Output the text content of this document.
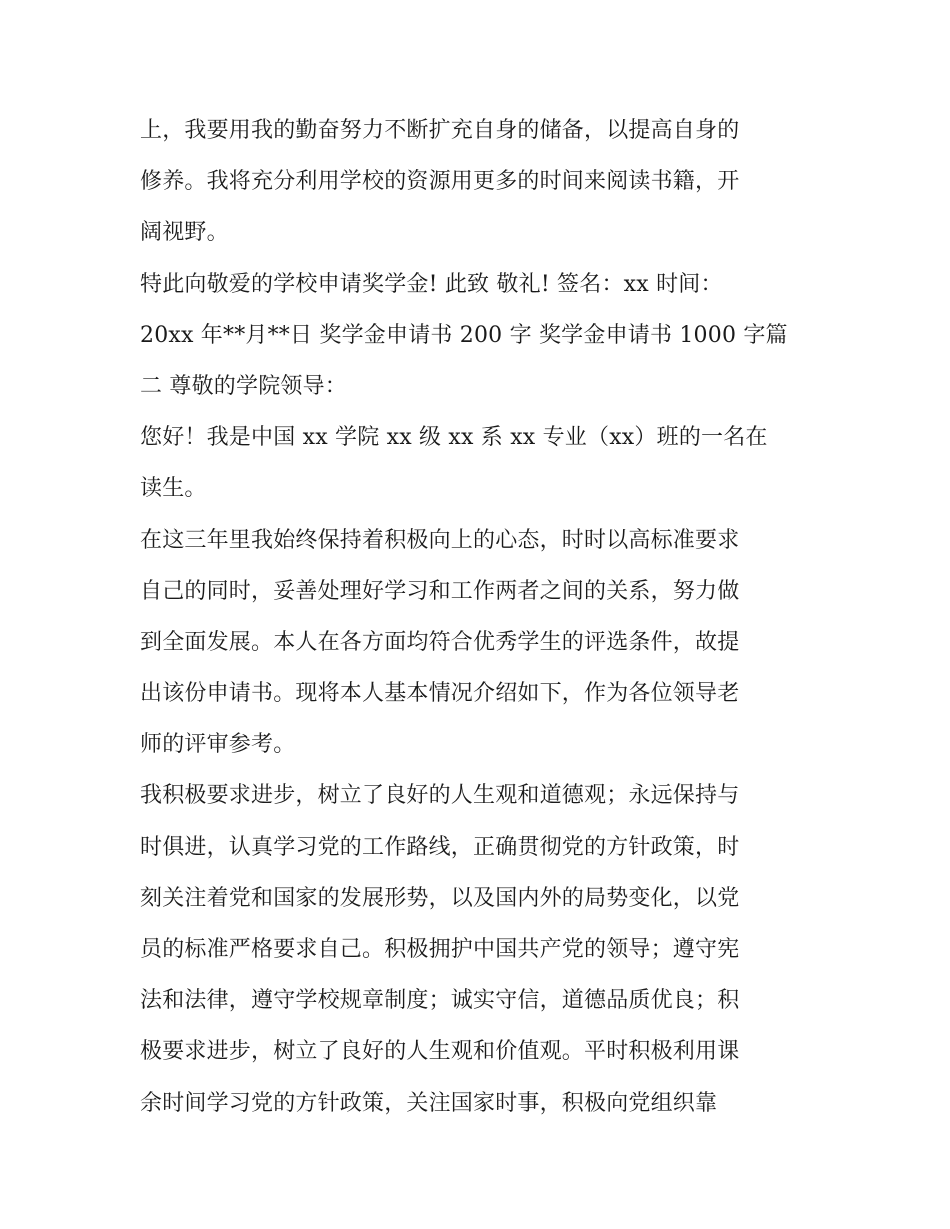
上，我要用我的勤奋努力不断扩充自身的储备，以提高自身的
修养。我将充分利用学校的资源用更多的时间来阅读书籍，开
阔视野。
特此向敬爱的学校申请奖学金! 此致 敬礼! 签名：xx 时间：
20xx 年**月**日 奖学金申请书 200 字 奖学金申请书 1000 字篇
二 尊敬的学院领导：
您好！我是中国 xx 学院 xx 级 xx 系 xx 专业（xx）班的一名在
读生。
在这三年里我始终保持着积极向上的心态，时时以高标准要求
自己的同时，妥善处理好学习和工作两者之间的关系，努力做
到全面发展。本人在各方面均符合优秀学生的评选条件，故提
出该份申请书。现将本人基本情况介绍如下，作为各位领导老
师的评审参考。
我积极要求进步，树立了良好的人生观和道德观；永远保持与
时俱进，认真学习党的工作路线，正确贯彻党的方针政策，时
刻关注着党和国家的发展形势，以及国内外的局势变化，以党
员的标准严格要求自己。积极拥护中国共产党的领导；遵守宪
法和法律，遵守学校规章制度；诚实守信，道德品质优良；积
极要求进步，树立了良好的人生观和价值观。平时积极利用课
余时间学习党的方针政策，关注国家时事，积极向党组织靠
